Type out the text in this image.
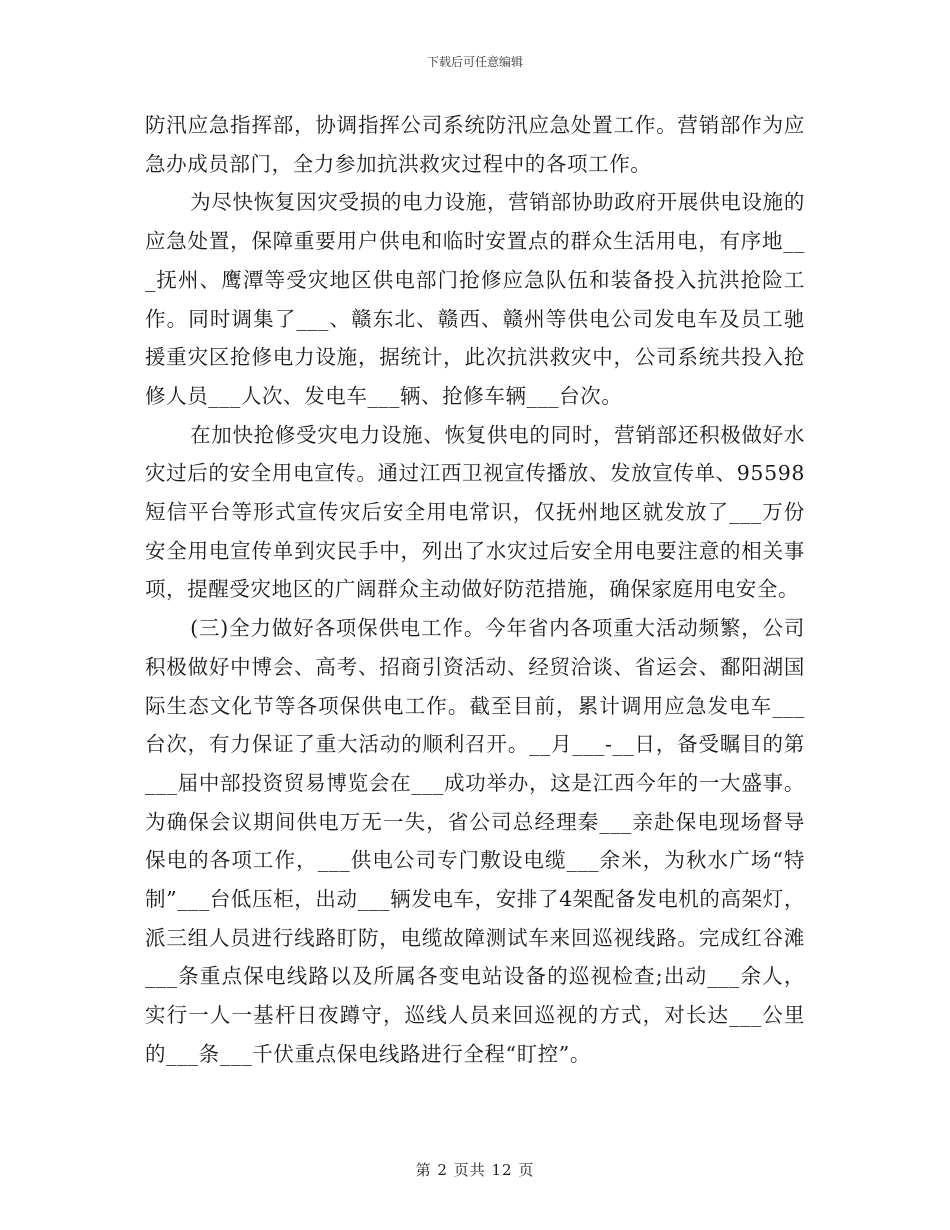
下载后可任意编辑

防汛应急指挥部，协调指挥公司系统防汛应急处置工作。营销部作为应急办成员部门，全力参加抗洪救灾过程中的各项工作。

为尽快恢复因灾受损的电力设施，营销部协助政府开展供电设施的应急处置，保障重要用户供电和临时安置点的群众生活用电，有序地___抚州、鹰潭等受灾地区供电部门抢修应急队伍和装备投入抗洪抢险工作。同时调集了___、赣东北、赣西、赣州等供电公司发电车及员工驰援重灾区抢修电力设施，据统计，此次抗洪救灾中，公司系统共投入抢修人员___人次、发电车___辆、抢修车辆___台次。

在加快抢修受灾电力设施、恢复供电的同时，营销部还积极做好水灾过后的安全用电宣传。通过江西卫视宣传播放、发放宣传单、95598短信平台等形式宣传灾后安全用电常识，仅抚州地区就发放了___万份安全用电宣传单到灾民手中，列出了水灾过后安全用电要注意的相关事项，提醒受灾地区的广阔群众主动做好防范措施，确保家庭用电安全。

(三)全力做好各项保供电工作。今年省内各项重大活动频繁，公司积极做好中博会、高考、招商引资活动、经贸洽谈、省运会、鄱阳湖国际生态文化节等各项保供电工作。截至目前，累计调用应急发电车___台次，有力保证了重大活动的顺利召开。__月___-__日，备受瞩目的第___届中部投资贸易博览会在___成功举办，这是江西今年的一大盛事。为确保会议期间供电万无一失，省公司总经理秦___亲赴保电现场督导保电的各项工作，___供电公司专门敷设电缆___余米，为秋水广场“特制”___台低压柜，出动___辆发电车，安排了4架配备发电机的高架灯，派三组人员进行线路盯防，电缆故障测试车来回巡视线路。完成红谷滩___条重点保电线路以及所属各变电站设备的巡视检查;出动___余人，实行一人一基杆日夜蹲守，巡线人员来回巡视的方式，对长达___公里的___条___千伏重点保电线路进行全程“盯控”。

第 2 页共 12 页
